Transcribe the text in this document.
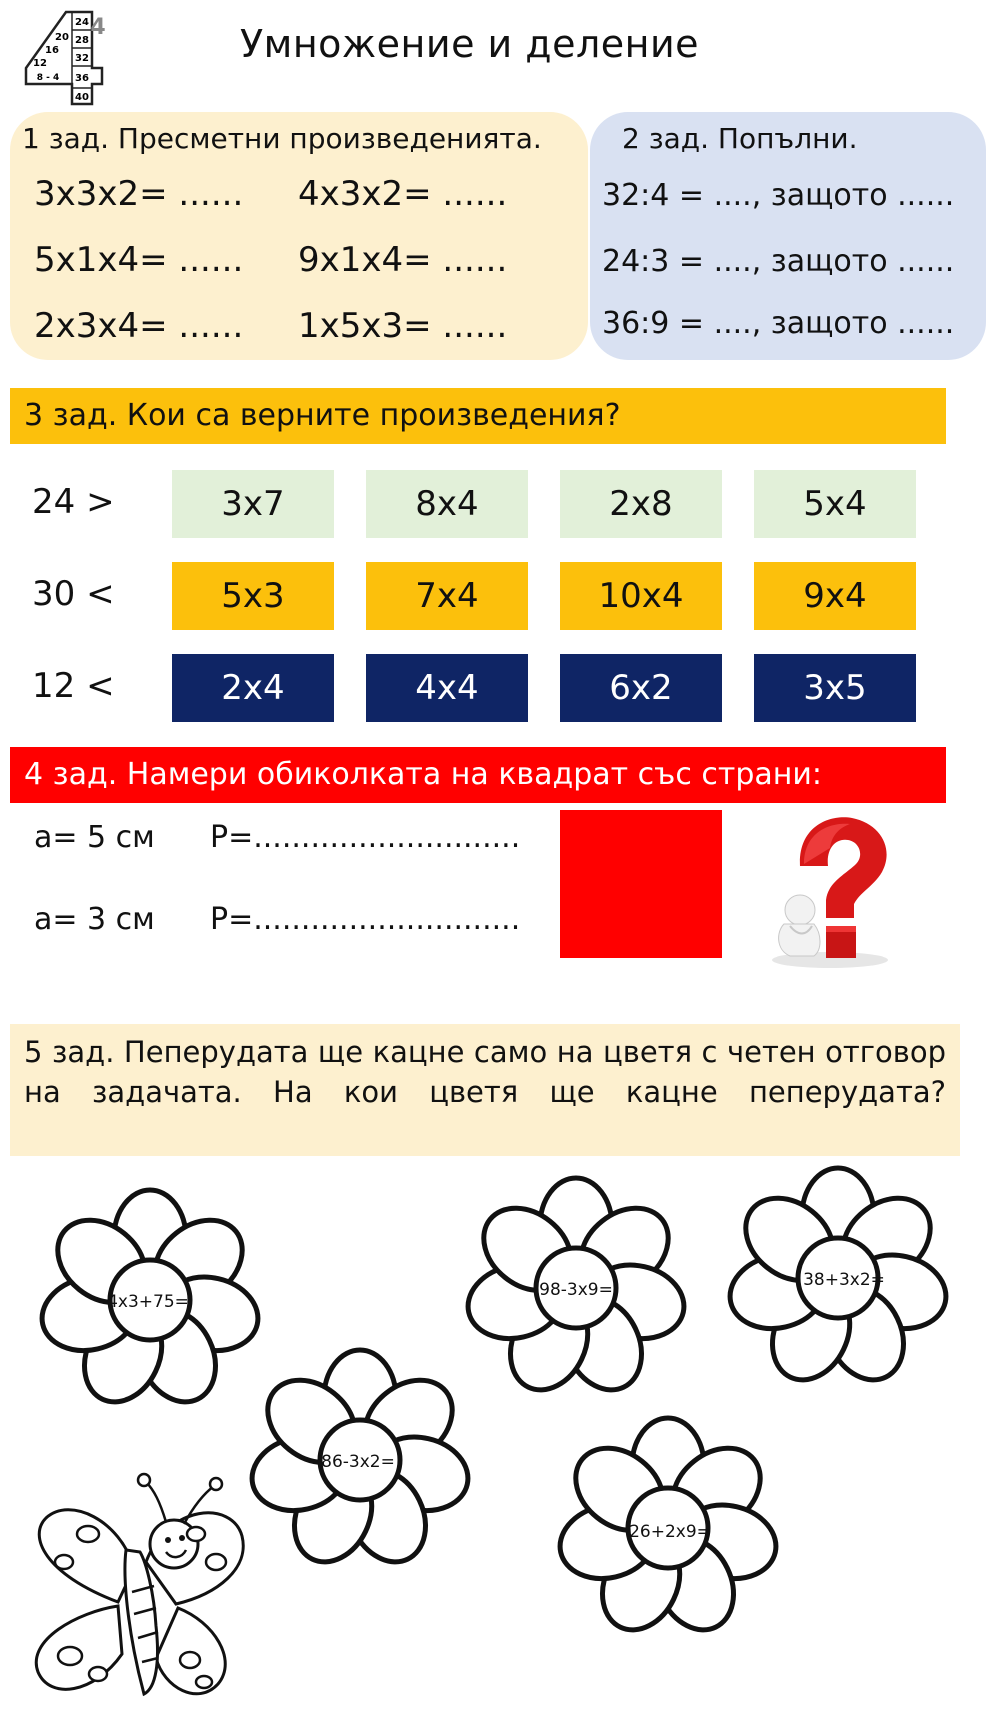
24
20 28
16
32
12
8 - 4 36
40
4	Умножение и деление
1 зад. Пресметни произведенията.
3x3x2= ...... 4x3x2= ......
5x1x4= ...... 9x1x4= ......
2x3x4= ...... 1x5x3= ......
2 зад. Попълни.
32:4 = ...., защото ......
24:3 = ...., защото ......
36:9 = ...., защото ......
3 зад. Кои са верните произведения?
24 >	3x7	8x4	2x8	5x4
30 <	5x3	7x4	10x4	9x4
12 <	2x4	4x4	6x2	3x5
4 зад. Намери обиколката на квадрат със страни:
a= 5 см P=............................
a= 3 см P=............................
5 зад. Пеперудата ще кацне само на цветя с четен отговор на задачата. На кои цветя ще кацне пеперудата?
4x3+75=
98-3x9=	38+3x2=
86-3x2=
26+2x9=
